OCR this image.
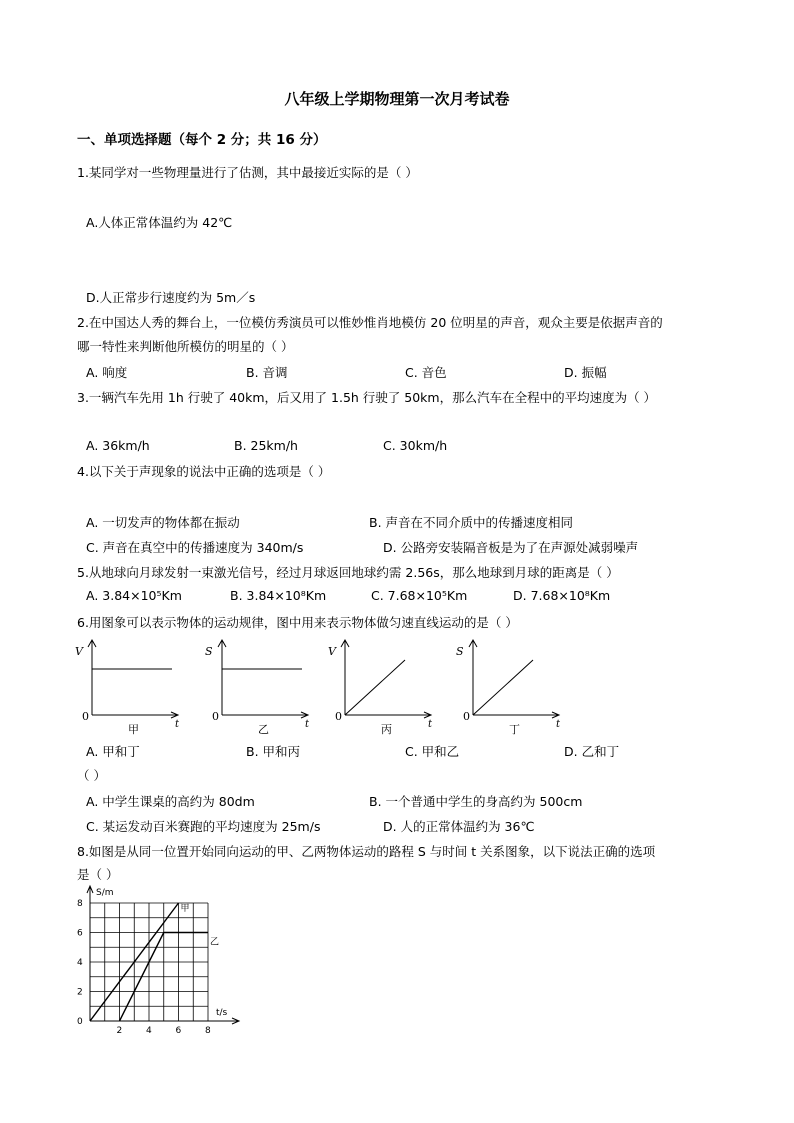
八年级上学期物理第一次月考试卷
一、单项选择题（每个 2 分；共 16 分）
1.某同学对一些物理量进行了估测，其中最接近实际的是（ ）
A.人体正常体温约为 42℃
D.人正常步行速度约为 5m／s
2.在中国达人秀的舞台上，一位模仿秀演员可以惟妙惟肖地模仿 20 位明星的声音，观众主要是依据声音的
哪一特性来判断他所模仿的明星的（ ）
A. 响度	B. 音调	C. 音色	D. 振幅
3.一辆汽车先用 1h 行驶了 40km，后又用了 1.5h 行驶了 50km，那么汽车在全程中的平均速度为（ ）
A. 36km/h	B. 25km/h	C. 30km/h
4.以下关于声现象的说法中正确的选项是（ ）
A. 一切发声的物体都在振动	B. 声音在不同介质中的传播速度相同
C. 声音在真空中的传播速度为 340m/s	D. 公路旁安装隔音板是为了在声源处减弱噪声
5.从地球向月球发射一束激光信号，经过月球返回地球约需 2.56s，那么地球到月球的距离是（ ）
A. 3.84×10⁵Km	B. 3.84×10⁸Km	C. 7.68×10⁵Km	D. 7.68×10⁸Km
6.用图象可以表示物体的运动规律，图中用来表示物体做匀速直线运动的是（ ）
V
0
t
甲
S
0
t
乙
V
0
t
丙
S
0
t
丁
A. 甲和丁	B. 甲和丙	C. 甲和乙	D. 乙和丁
（ ）
A. 中学生课桌的高约为 80dm	B. 一个普通中学生的身高约为 500cm
C. 某运发动百米赛跑的平均速度为 25m/s	D. 人的正常体温约为 36℃
8.如图是从同一位置开始同向运动的甲、乙两物体运动的路程 S 与时间 t 关系图象，以下说法正确的选项
是（ ）
8
6
4
2
0
2	4	6	8
甲
乙
S/m
t/s
